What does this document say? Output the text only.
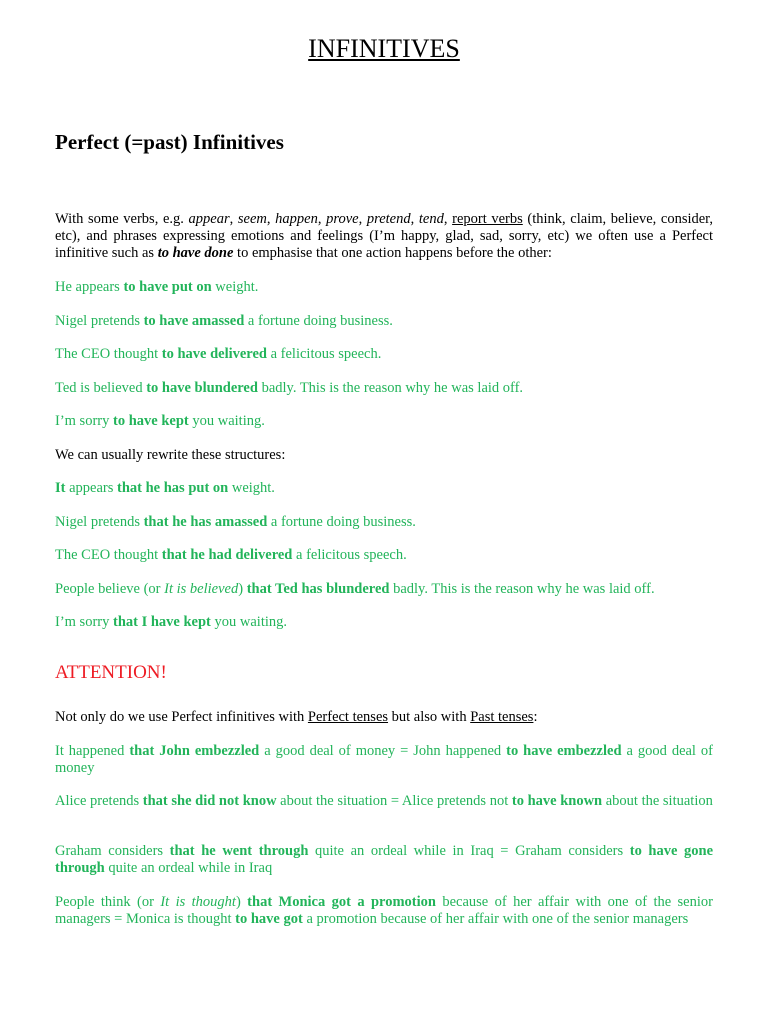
INFINITIVES
Perfect (=past) Infinitives

With some verbs, e.g. appear, seem, happen, prove, pretend, tend, report verbs (think, claim, believe, consider, etc), and phrases expressing emotions and feelings (I’m happy, glad, sad, sorry, etc) we often use a Perfect infinitive such as to have done to emphasise that one action happens before the other:

He appears to have put on weight.

Nigel pretends to have amassed a fortune doing business.

The CEO thought to have delivered a felicitous speech.

Ted is believed to have blundered badly. This is the reason why he was laid off.

I’m sorry to have kept you waiting.

We can usually rewrite these structures:

It appears that he has put on weight.

Nigel pretends that he has amassed a fortune doing business.

The CEO thought that he had delivered a felicitous speech.

People believe (or It is believed) that Ted has blundered badly. This is the reason why he was laid off.

I’m sorry that I have kept you waiting.

ATTENTION!

Not only do we use Perfect infinitives with Perfect tenses but also with Past tenses:

It happened that John embezzled a good deal of money = John happened to have embezzled a good deal of money

Alice pretends that she did not know about the situation = Alice pretends not to have known about the situation

Graham considers that he went through quite an ordeal while in Iraq = Graham considers to have gone through quite an ordeal while in Iraq

People think (or It is thought) that Monica got a promotion because of her affair with one of the senior managers = Monica is thought to have got a promotion because of her affair with one of the senior managers
